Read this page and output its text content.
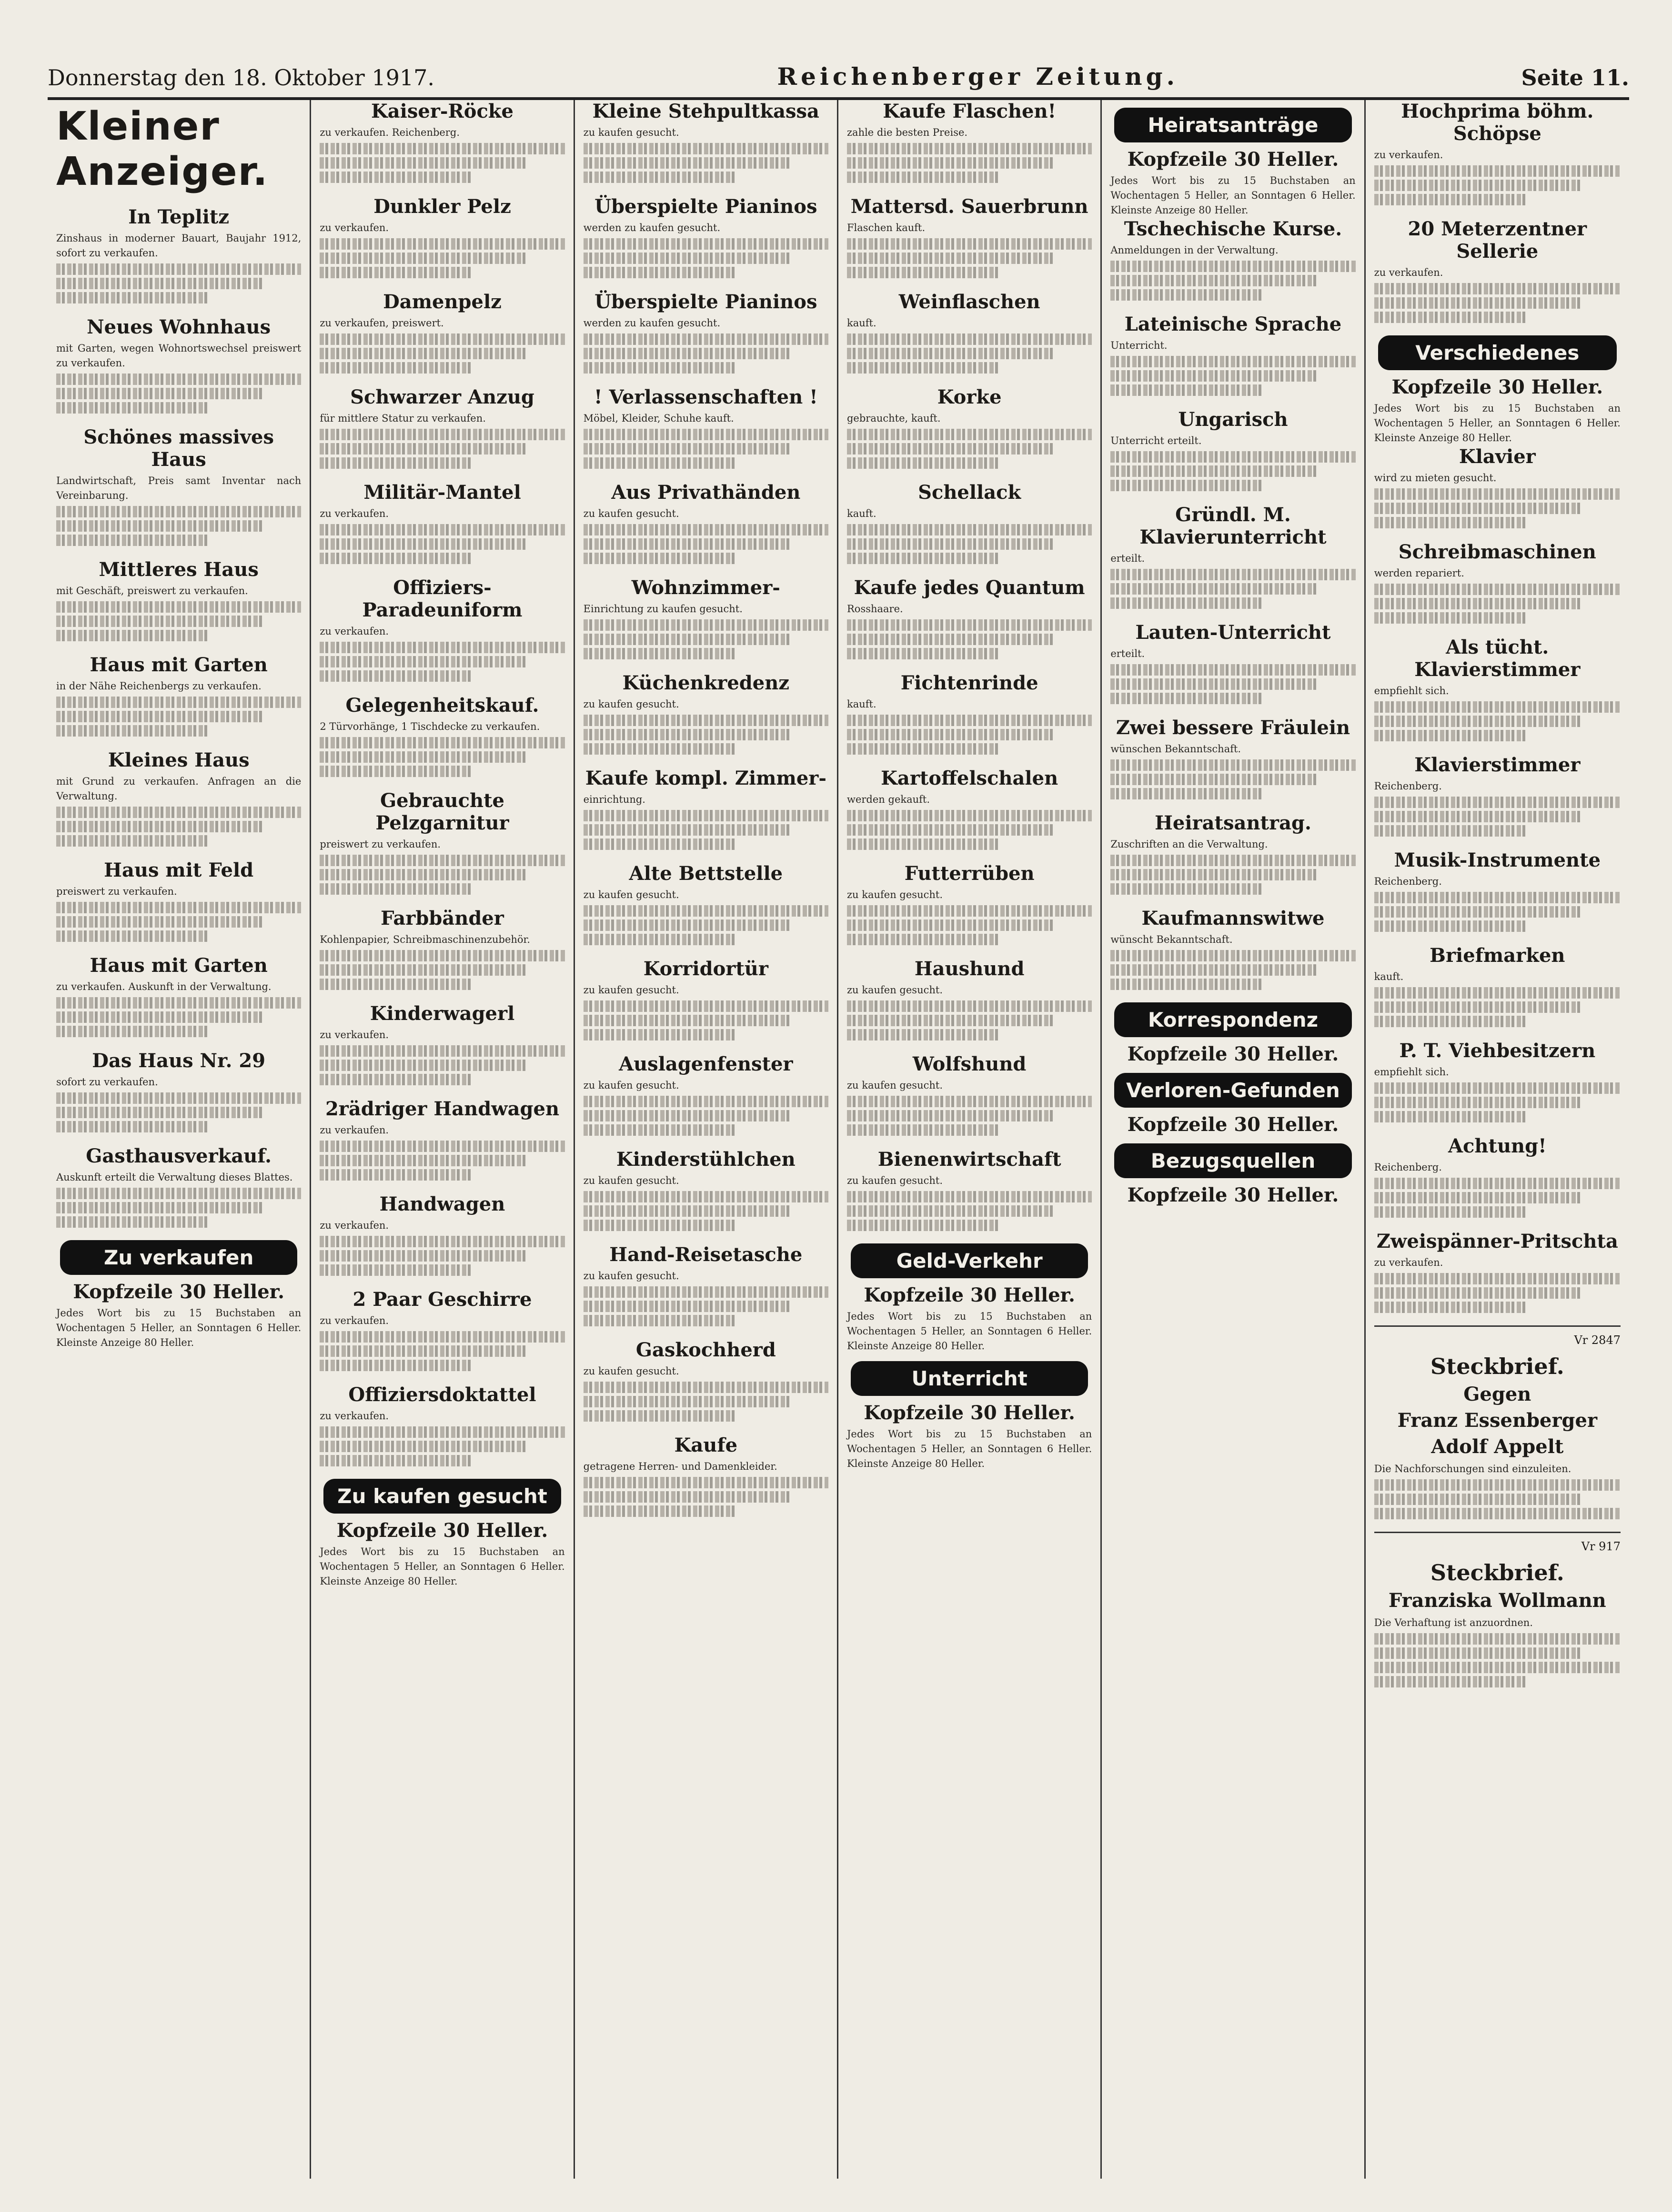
Donnerstag den 18. Oktober 1917.	Reichenberger Zeitung.	Seite 11.
Kleiner Anzeiger.
In Teplitz
Zinshaus in moderner Bauart, Baujahr 1912, sofort zu verkaufen.
Neues Wohnhaus
mit Garten, wegen Wohnortswechsel preiswert zu verkaufen.
Schönes massives Haus
Landwirtschaft, Preis samt Inventar nach Vereinbarung.
Mittleres Haus
mit Geschäft, preiswert zu verkaufen.
Haus mit Garten
in der Nähe Reichenbergs zu verkaufen.
Kleines Haus
mit Grund zu verkaufen. Anfragen an die Verwaltung.
Haus mit Feld
preiswert zu verkaufen.
Haus mit Garten
zu verkaufen. Auskunft in der Verwaltung.
Das Haus Nr. 29
sofort zu verkaufen.
Gasthausverkauf.
Auskunft erteilt die Verwaltung dieses Blattes.
Zu verkaufen
Kopfzeile 30 Heller.
Jedes Wort bis zu 15 Buchstaben an Wochentagen 5 Heller, an Sonntagen 6 Heller. Kleinste Anzeige 80 Heller.
Kaiser-Röcke
zu verkaufen. Reichenberg.
Dunkler Pelz
zu verkaufen.
Damenpelz
zu verkaufen, preiswert.
Schwarzer Anzug
für mittlere Statur zu verkaufen.
Militär-Mantel
zu verkaufen.
Offiziers-Paradeuniform
zu verkaufen.
Gelegenheitskauf.
2 Türvorhänge, 1 Tischdecke zu verkaufen.
Gebrauchte Pelzgarnitur
preiswert zu verkaufen.
Farbbänder
Kohlenpapier, Schreibmaschinenzubehör.
Kinderwagerl
zu verkaufen.
2rädriger Handwagen
zu verkaufen.
Handwagen
zu verkaufen.
2 Paar Geschirre
zu verkaufen.
Offiziersdoktattel
zu verkaufen.
Zu kaufen gesucht
Kopfzeile 30 Heller.
Jedes Wort bis zu 15 Buchstaben an Wochentagen 5 Heller, an Sonntagen 6 Heller. Kleinste Anzeige 80 Heller.
Kleine Stehpultkassa
zu kaufen gesucht.
Überspielte Pianinos
werden zu kaufen gesucht.
Überspielte Pianinos
werden zu kaufen gesucht.
! Verlassenschaften !
Möbel, Kleider, Schuhe kauft.
Aus Privathänden
zu kaufen gesucht.
Wohnzimmer-
Einrichtung zu kaufen gesucht.
Küchenkredenz
zu kaufen gesucht.
Kaufe kompl. Zimmer-
einrichtung.
Alte Bettstelle
zu kaufen gesucht.
Korridortür
zu kaufen gesucht.
Auslagenfenster
zu kaufen gesucht.
Kinderstühlchen
zu kaufen gesucht.
Hand-Reisetasche
zu kaufen gesucht.
Gaskochherd
zu kaufen gesucht.
Kaufe
getragene Herren- und Damenkleider.
Kaufe Flaschen!
zahle die besten Preise.
Mattersd. Sauerbrunn
Flaschen kauft.
Weinflaschen
kauft.
Korke
gebrauchte, kauft.
Schellack
kauft.
Kaufe jedes Quantum
Rosshaare.
Fichtenrinde
kauft.
Kartoffelschalen
werden gekauft.
Futterrüben
zu kaufen gesucht.
Haushund
zu kaufen gesucht.
Wolfshund
zu kaufen gesucht.
Bienenwirtschaft
zu kaufen gesucht.
Geld-Verkehr
Kopfzeile 30 Heller.
Jedes Wort bis zu 15 Buchstaben an Wochentagen 5 Heller, an Sonntagen 6 Heller. Kleinste Anzeige 80 Heller.
Unterricht
Kopfzeile 30 Heller.
Jedes Wort bis zu 15 Buchstaben an Wochentagen 5 Heller, an Sonntagen 6 Heller. Kleinste Anzeige 80 Heller.
Heiratsanträge
Kopfzeile 30 Heller.
Jedes Wort bis zu 15 Buchstaben an Wochentagen 5 Heller, an Sonntagen 6 Heller. Kleinste Anzeige 80 Heller.
Tschechische Kurse.
Anmeldungen in der Verwaltung.
Lateinische Sprache
Unterricht.
Ungarisch
Unterricht erteilt.
Gründl. M. Klavierunterricht
erteilt.
Lauten-Unterricht
erteilt.
Zwei bessere Fräulein
wünschen Bekanntschaft.
Heiratsantrag.
Zuschriften an die Verwaltung.
Kaufmannswitwe
wünscht Bekanntschaft.
Korrespondenz
Kopfzeile 30 Heller.
Verloren-Gefunden
Kopfzeile 30 Heller.
Bezugsquellen
Kopfzeile 30 Heller.
Hochprima böhm. Schöpse
zu verkaufen.
20 Meterzentner Sellerie
zu verkaufen.
Verschiedenes
Kopfzeile 30 Heller.
Jedes Wort bis zu 15 Buchstaben an Wochentagen 5 Heller, an Sonntagen 6 Heller. Kleinste Anzeige 80 Heller.
Klavier
wird zu mieten gesucht.
Schreibmaschinen
werden repariert.
Als tücht. Klavierstimmer
empfiehlt sich.
Klavierstimmer
Reichenberg.
Musik-Instrumente
Reichenberg.
Briefmarken
kauft.
P. T. Viehbesitzern
empfiehlt sich.
Achtung!
Reichenberg.
Zweispänner-Pritschta
zu verkaufen.
Vr 2847
Steckbrief.
Gegen
Franz Essenberger
Adolf Appelt
Die Nachforschungen sind einzuleiten.
Vr 917
Steckbrief.
Franziska Wollmann
Die Verhaftung ist anzuordnen.
